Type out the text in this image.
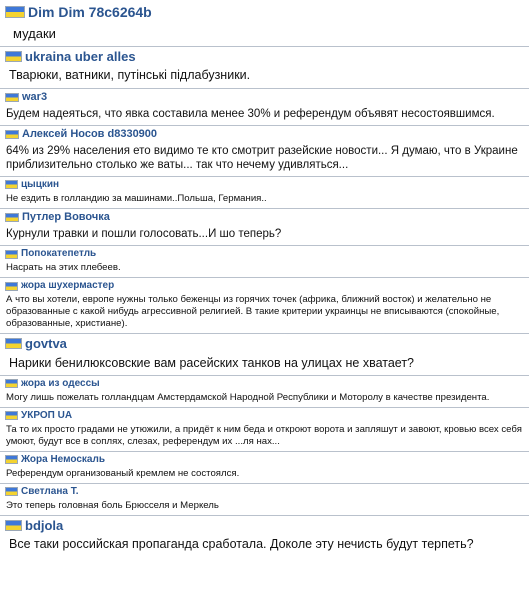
Dim Dim 78c6264b
мудаки
ukraina uber alles
Тварюки, ватники, путінські підлабузники.
war3
Будем надеяться, что явка составила менее 30% и референдум объявят несостоявшимся.
Алексей Носов d8330900
64% из 29% населения ето видимо те кто смотрит разейские новости... Я думаю, что в Украине приблизительно столько же ваты... так что нечему удивляться...
цыцкин
Не ездить в голландию за машинами..Польша, Германия..
Путлер Вовочка
Курнули травки и пошли голосовать...И шо теперь?
Попокатепетль
Насрать на этих плебеев.
жора шухермастер
А что вы хотели, европе нужны только беженцы из горячих точек (африка, ближний восток) и желательно не образованные с какой нибудь агрессивной религией. В такие критерии украинцы не вписываются (спокойные, образованные, христиане).
govtva
Нарики бенилюксовские вам расейских танков на улицах не хватает?
жора из одессы
Могу лишь пожелать голландцам Амстердамской Народной Республики и Моторолу в качестве президента.
УКРОП UA
Та то их просто градами не утюжили, а придёт к ним беда и откроют ворота и запляшут и завоют, кровью всех себя умоют, будут все в соплях, слезах, референдум их ...ля нах...
Жора Немоскаль
Референдум организованый кремлем не состоялся.
Светлана Т.
Это теперь головная боль Брюсселя и Меркель
bdjola
Все таки российская пропаганда сработала. Доколе эту нечисть будут терпеть?
